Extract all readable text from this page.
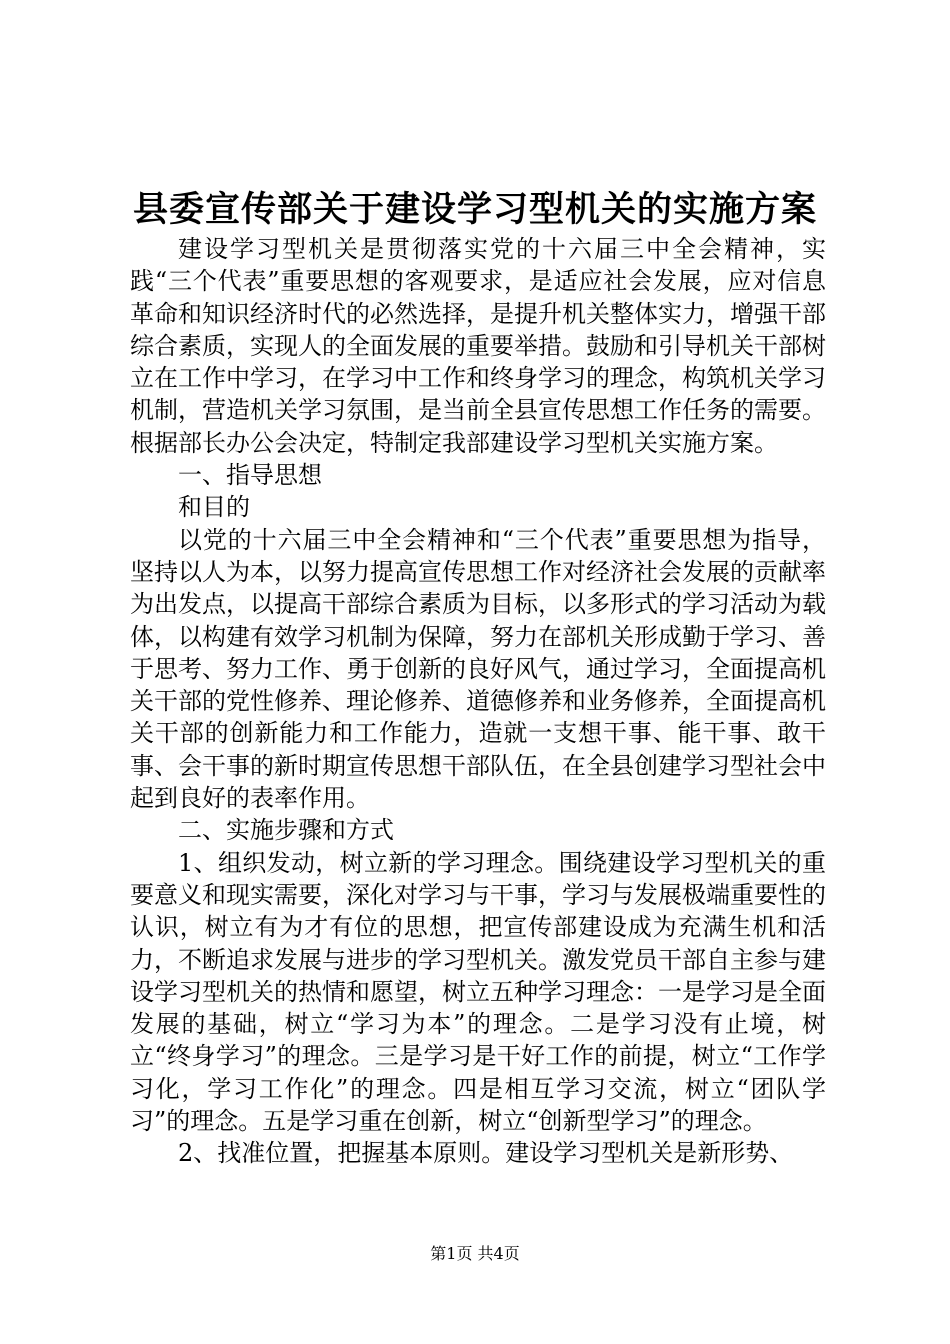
县委宣传部关于建设学习型机关的实施方案

建设学习型机关是贯彻落实党的十六届三中全会精神，实践“三个代表”重要思想的客观要求，是适应社会发展，应对信息革命和知识经济时代的必然选择，是提升机关整体实力，增强干部综合素质，实现人的全面发展的重要举措。鼓励和引导机关干部树立在工作中学习，在学习中工作和终身学习的理念，构筑机关学习机制，营造机关学习氛围，是当前全县宣传思想工作任务的需要。根据部长办公会决定，特制定我部建设学习型机关实施方案。

一、指导思想

和目的

以党的十六届三中全会精神和“三个代表”重要思想为指导，坚持以人为本，以努力提高宣传思想工作对经济社会发展的贡献率为出发点，以提高干部综合素质为目标，以多形式的学习活动为载体，以构建有效学习机制为保障，努力在部机关形成勤于学习、善于思考、努力工作、勇于创新的良好风气，通过学习，全面提高机关干部的党性修养、理论修养、道德修养和业务修养，全面提高机关干部的创新能力和工作能力，造就一支想干事、能干事、敢干事、会干事的新时期宣传思想干部队伍，在全县创建学习型社会中起到良好的表率作用。

二、实施步骤和方式

1、组织发动，树立新的学习理念。围绕建设学习型机关的重要意义和现实需要，深化对学习与干事，学习与发展极端重要性的认识，树立有为才有位的思想，把宣传部建设成为充满生机和活力，不断追求发展与进步的学习型机关。激发党员干部自主参与建设学习型机关的热情和愿望，树立五种学习理念：一是学习是全面发展的基础，树立“学习为本”的理念。二是学习没有止境，树立“终身学习”的理念。三是学习是干好工作的前提，树立“工作学习化，学习工作化”的理念。四是相互学习交流，树立“团队学习”的理念。五是学习重在创新，树立“创新型学习”的理念。

2、找准位置，把握基本原则。建设学习型机关是新形势、

第1页 共4页
